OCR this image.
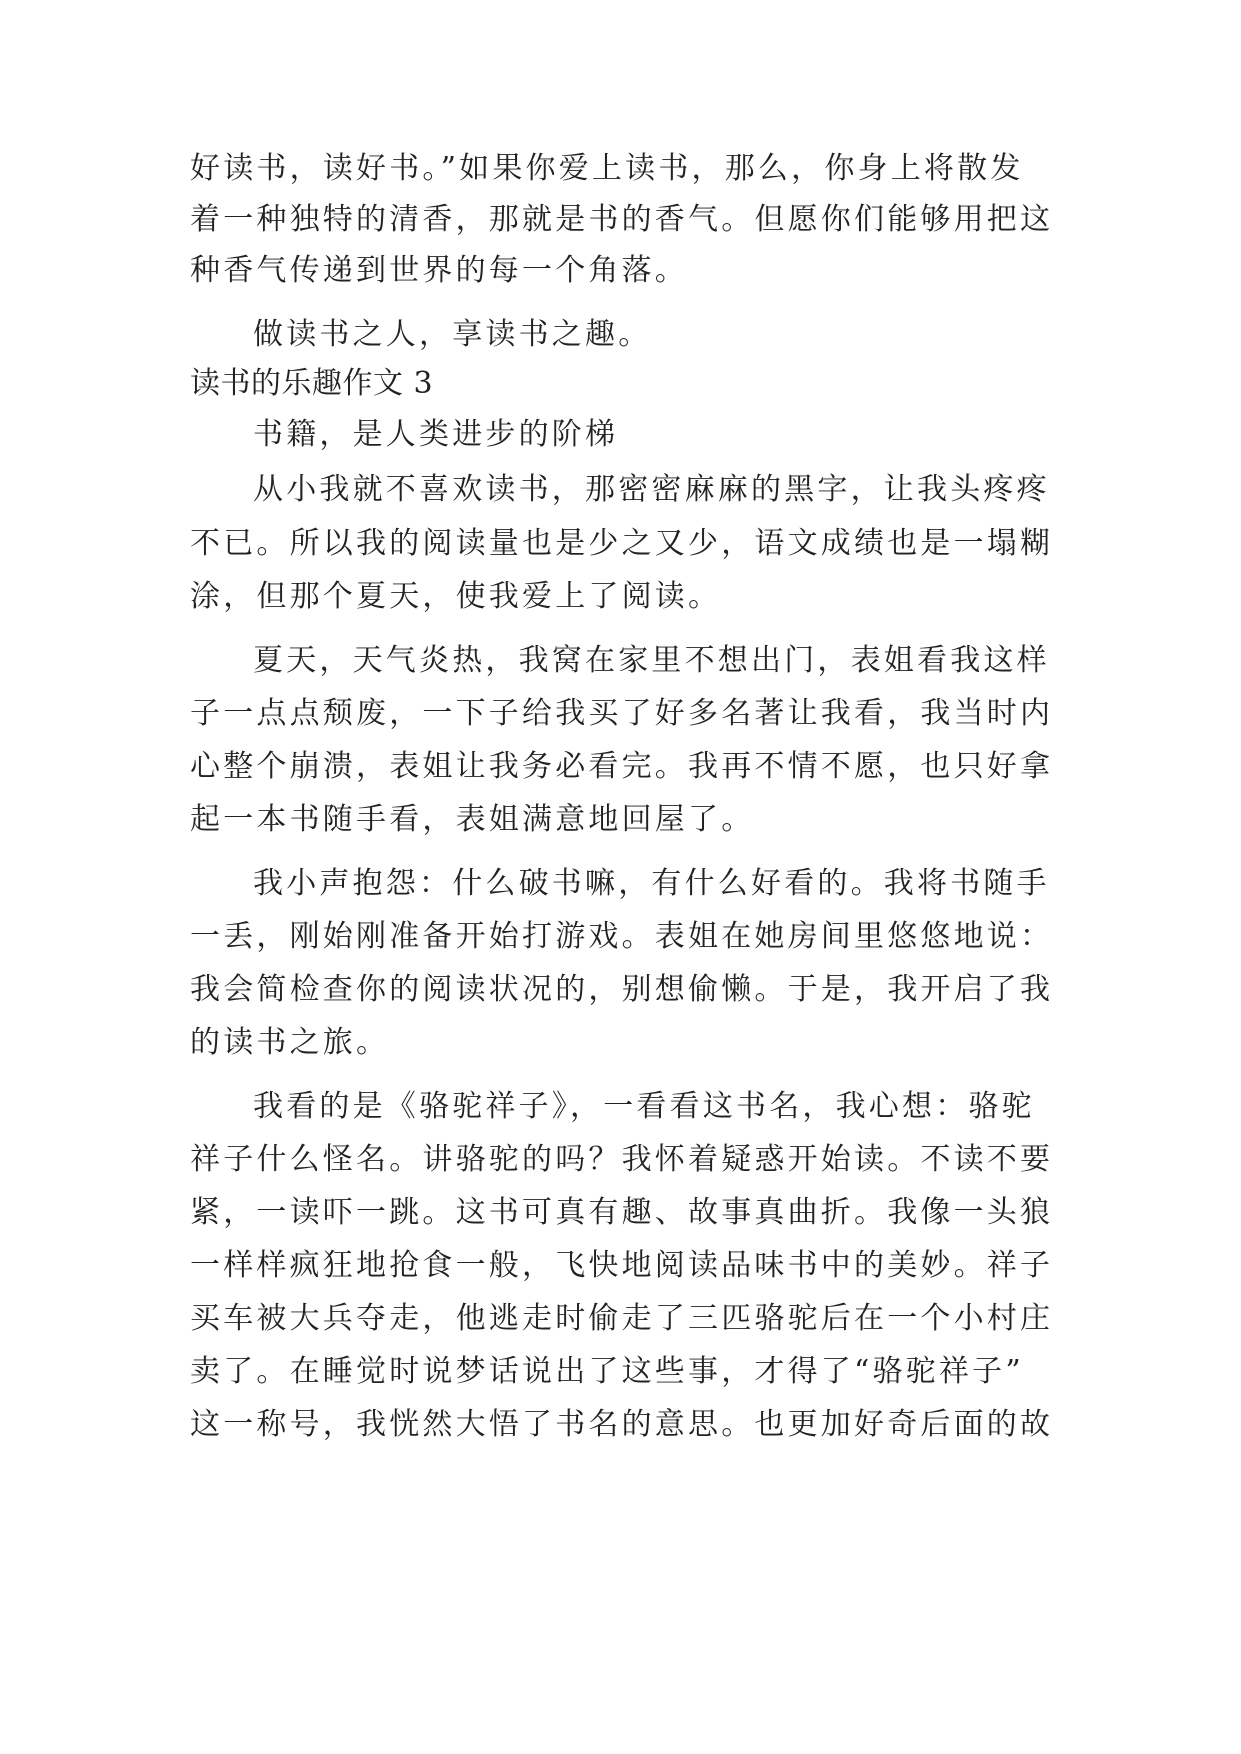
好读书，读好书。”如果你爱上读书，那么，你身上将散发
着一种独特的清香，那就是书的香气。但愿你们能够用把这
种香气传递到世界的每一个角落。
做读书之人，享读书之趣。
读书的乐趣作文 3
书籍，是人类进步的阶梯
从小我就不喜欢读书，那密密麻麻的黑字，让我头疼疼
不已。所以我的阅读量也是少之又少，语文成绩也是一塌糊
涂，但那个夏天，使我爱上了阅读。
夏天，天气炎热，我窝在家里不想出门，表姐看我这样
子一点点颓废，一下子给我买了好多名著让我看，我当时内
心整个崩溃，表姐让我务必看完。我再不情不愿，也只好拿
起一本书随手看，表姐满意地回屋了。
我小声抱怨：什么破书嘛，有什么好看的。我将书随手
一丢，刚始刚准备开始打游戏。表姐在她房间里悠悠地说：
我会简检查你的阅读状况的，别想偷懒。于是，我开启了我
的读书之旅。
我看的是《骆驼祥子》，一看看这书名，我心想：骆驼
祥子什么怪名。讲骆驼的吗？我怀着疑惑开始读。不读不要
紧，一读吓一跳。这书可真有趣、故事真曲折。我像一头狼
一样样疯狂地抢食一般，飞快地阅读品味书中的美妙。祥子
买车被大兵夺走，他逃走时偷走了三匹骆驼后在一个小村庄
卖了。在睡觉时说梦话说出了这些事，才得了“骆驼祥子”
这一称号，我恍然大悟了书名的意思。也更加好奇后面的故
